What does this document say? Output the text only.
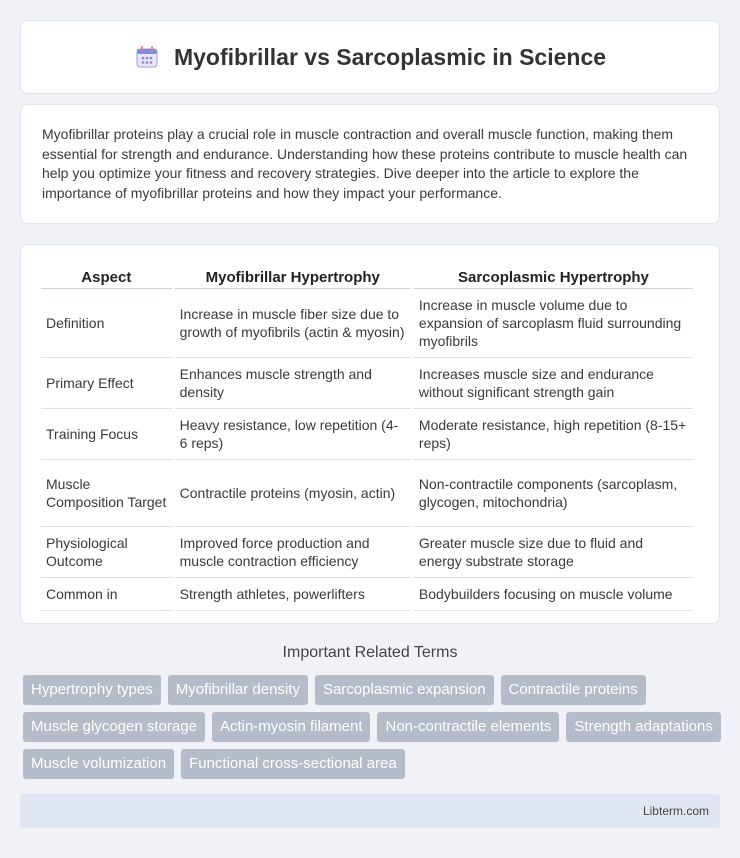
Myofibrillar vs Sarcoplasmic in Science

Myofibrillar proteins play a crucial role in muscle contraction and overall muscle function, making them essential for strength and endurance. Understanding how these proteins contribute to muscle health can help you optimize your fitness and recovery strategies. Dive deeper into the article to explore the importance of myofibrillar proteins and how they impact your performance.

Aspect	Myofibrillar Hypertrophy	Sarcoplasmic Hypertrophy
Definition	Increase in muscle fiber size due to growth of myofibrils (actin & myosin)	Increase in muscle volume due to expansion of sarcoplasm fluid surrounding myofibrils
Primary Effect	Enhances muscle strength and density	Increases muscle size and endurance without significant strength gain
Training Focus	Heavy resistance, low repetition (4-6 reps)	Moderate resistance, high repetition (8-15+ reps)
Muscle Composition Target	Contractile proteins (myosin, actin)	Non-contractile components (sarcoplasm, glycogen, mitochondria)
Physiological Outcome	Improved force production and muscle contraction efficiency	Greater muscle size due to fluid and energy substrate storage
Common in	Strength athletes, powerlifters	Bodybuilders focusing on muscle volume
Important Related Terms
Hypertrophy types	Myofibrillar density	Sarcoplasmic expansion	Contractile proteins
Muscle glycogen storage	Actin-myosin filament	Non-contractile elements	Strength adaptations
Muscle volumization	Functional cross-sectional area
Libterm.com
